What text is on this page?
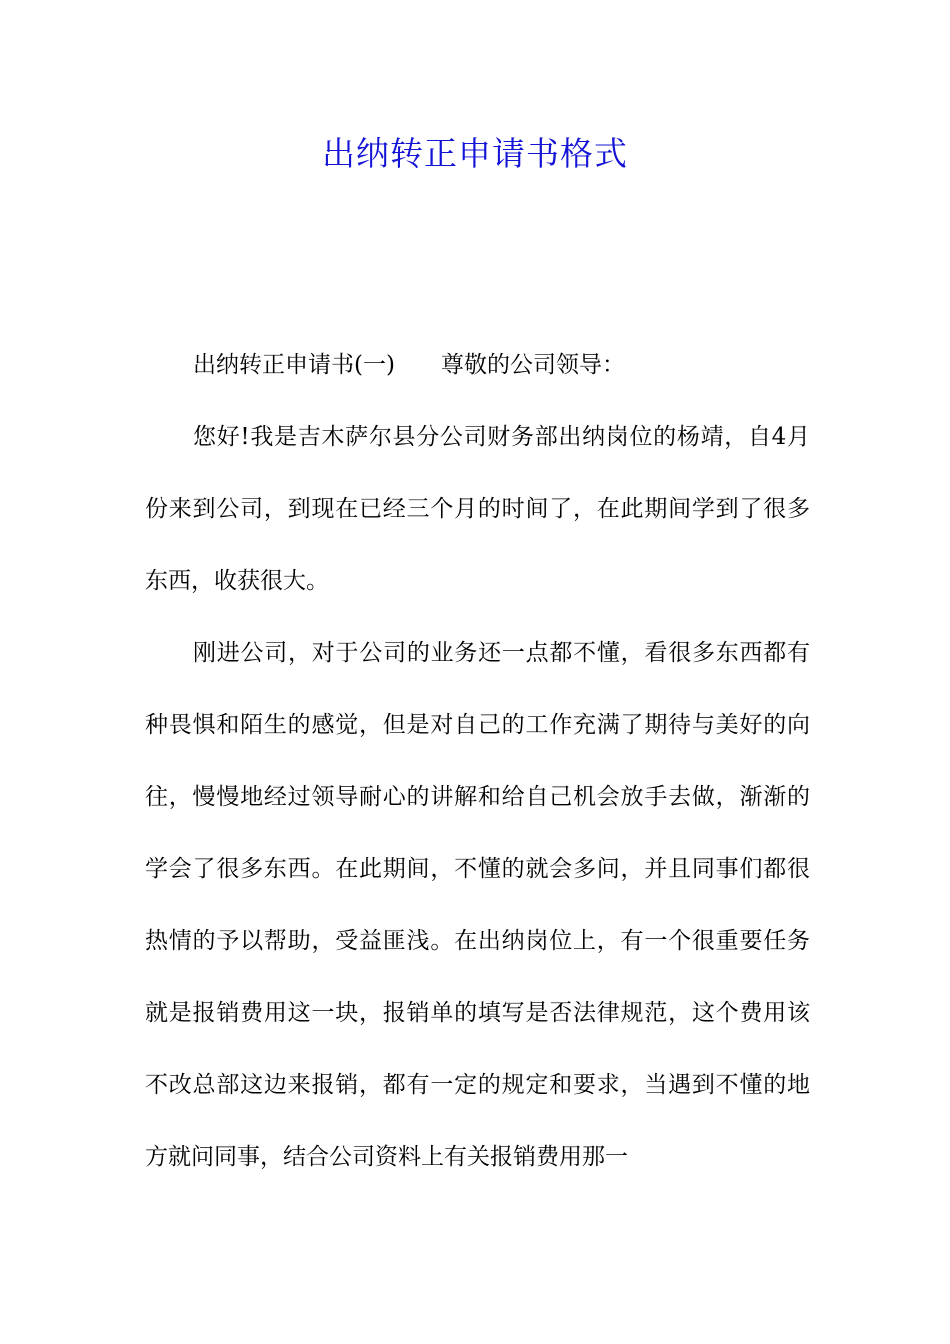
出纳转正申请书格式

出纳转正申请书(一)　　尊敬的公司领导：

您好!我是吉木萨尔县分公司财务部出纳岗位的杨靖，自4月份来到公司，到现在已经三个月的时间了，在此期间学到了很多东西，收获很大。

刚进公司，对于公司的业务还一点都不懂，看很多东西都有种畏惧和陌生的感觉，但是对自己的工作充满了期待与美好的向往，慢慢地经过领导耐心的讲解和给自己机会放手去做，渐渐的学会了很多东西。在此期间，不懂的就会多问，并且同事们都很热情的予以帮助，受益匪浅。在出纳岗位上，有一个很重要任务就是报销费用这一块，报销单的填写是否法律规范，这个费用该不改总部这边来报销，都有一定的规定和要求，当遇到不懂的地方就问同事，结合公司资料上有关报销费用那一
